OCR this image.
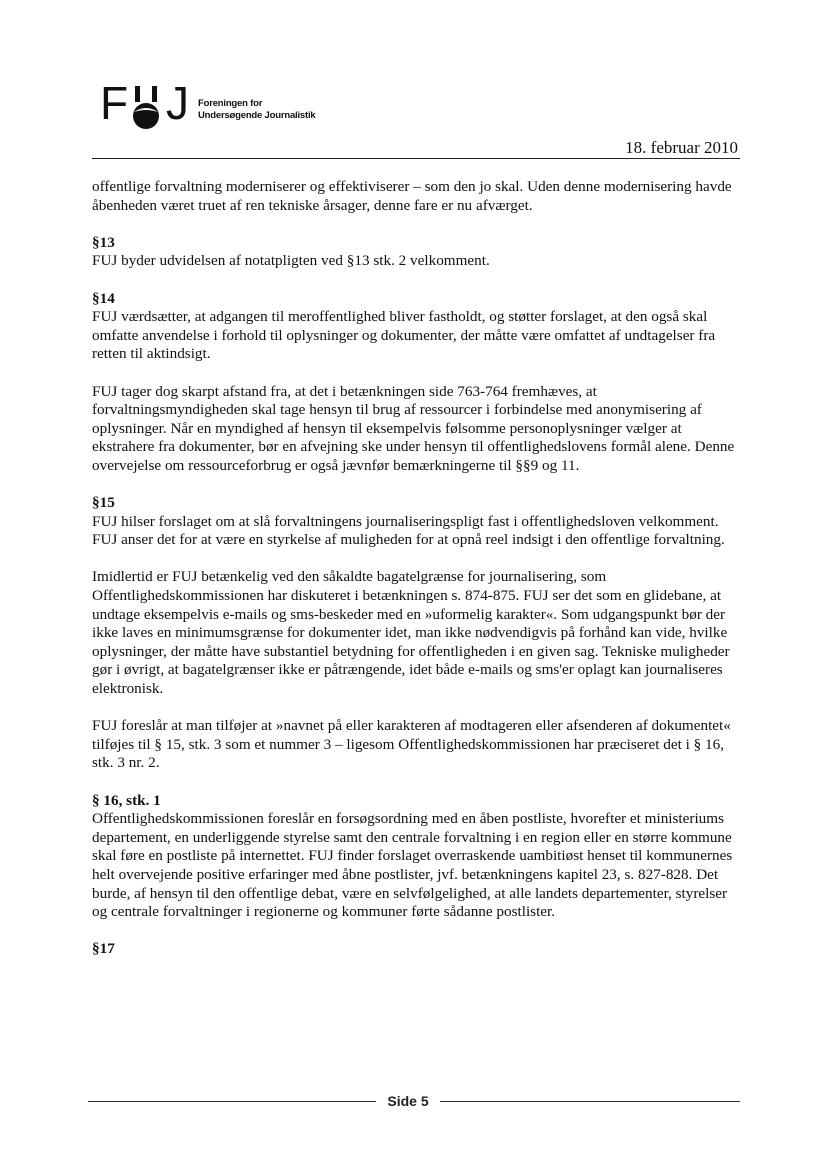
F J Foreningen for
Undersøgende Journalistik
18. februar 2010

offentlige forvaltning moderniserer og effektiviserer – som den jo skal. Uden denne modernisering havde åbenheden været truet af ren tekniske årsager, denne fare er nu afværget.

§13
FUJ byder udvidelsen af notatpligten ved §13 stk. 2 velkomment.

§14
FUJ værdsætter, at adgangen til meroffentlighed bliver fastholdt, og støtter forslaget, at den også skal omfatte anvendelse i forhold til oplysninger og dokumenter, der måtte være omfattet af undtagelser fra retten til aktindsigt.

FUJ tager dog skarpt afstand fra, at det i betænkningen side 763-764 fremhæves, at forvaltningsmyndigheden skal tage hensyn til brug af ressourcer i forbindelse med anonymisering af oplysninger. Når en myndighed af hensyn til eksempelvis følsomme personoplysninger vælger at ekstrahere fra dokumenter, bør en afvejning ske under hensyn til offentlighedslovens formål alene. Denne overvejelse om ressourceforbrug er også jævnfør bemærkningerne til §§9 og 11.

§15
FUJ hilser forslaget om at slå forvaltningens journaliseringspligt fast i offentlighedsloven velkomment. FUJ anser det for at være en styrkelse af muligheden for at opnå reel indsigt i den offentlige forvaltning.

Imidlertid er FUJ betænkelig ved den såkaldte bagatelgrænse for journalisering, som Offentlighedskommissionen har diskuteret i betænkningen s. 874-875. FUJ ser det som en glidebane, at undtage eksempelvis e-mails og sms-beskeder med en »uformelig karakter«. Som udgangspunkt bør der ikke laves en minimumsgrænse for dokumenter idet, man ikke nødvendigvis på forhånd kan vide, hvilke oplysninger, der måtte have substantiel betydning for offentligheden i en given sag. Tekniske muligheder gør i øvrigt, at bagatelgrænser ikke er påtrængende, idet både e-mails og sms'er oplagt kan journaliseres elektronisk.

FUJ foreslår at man tilføjer at »navnet på eller karakteren af modtageren eller afsenderen af dokumentet« tilføjes til § 15, stk. 3 som et nummer 3 – ligesom Offentlighedskommissionen har præciseret det i § 16, stk. 3 nr. 2.

§ 16, stk. 1
Offentlighedskommissionen foreslår en forsøgsordning med en åben postliste, hvorefter et ministeriums departement, en underliggende styrelse samt den centrale forvaltning i en region eller en større kommune skal føre en postliste på internettet. FUJ finder forslaget overraskende uambitiøst henset til kommunernes helt overvejende positive erfaringer med åbne postlister, jvf. betænkningens kapitel 23, s. 827-828. Det burde, af hensyn til den offentlige debat, være en selvfølgelighed, at alle landets departementer, styrelser og centrale forvaltninger i regionerne og kommuner førte sådanne postlister.

§17

Side 5
